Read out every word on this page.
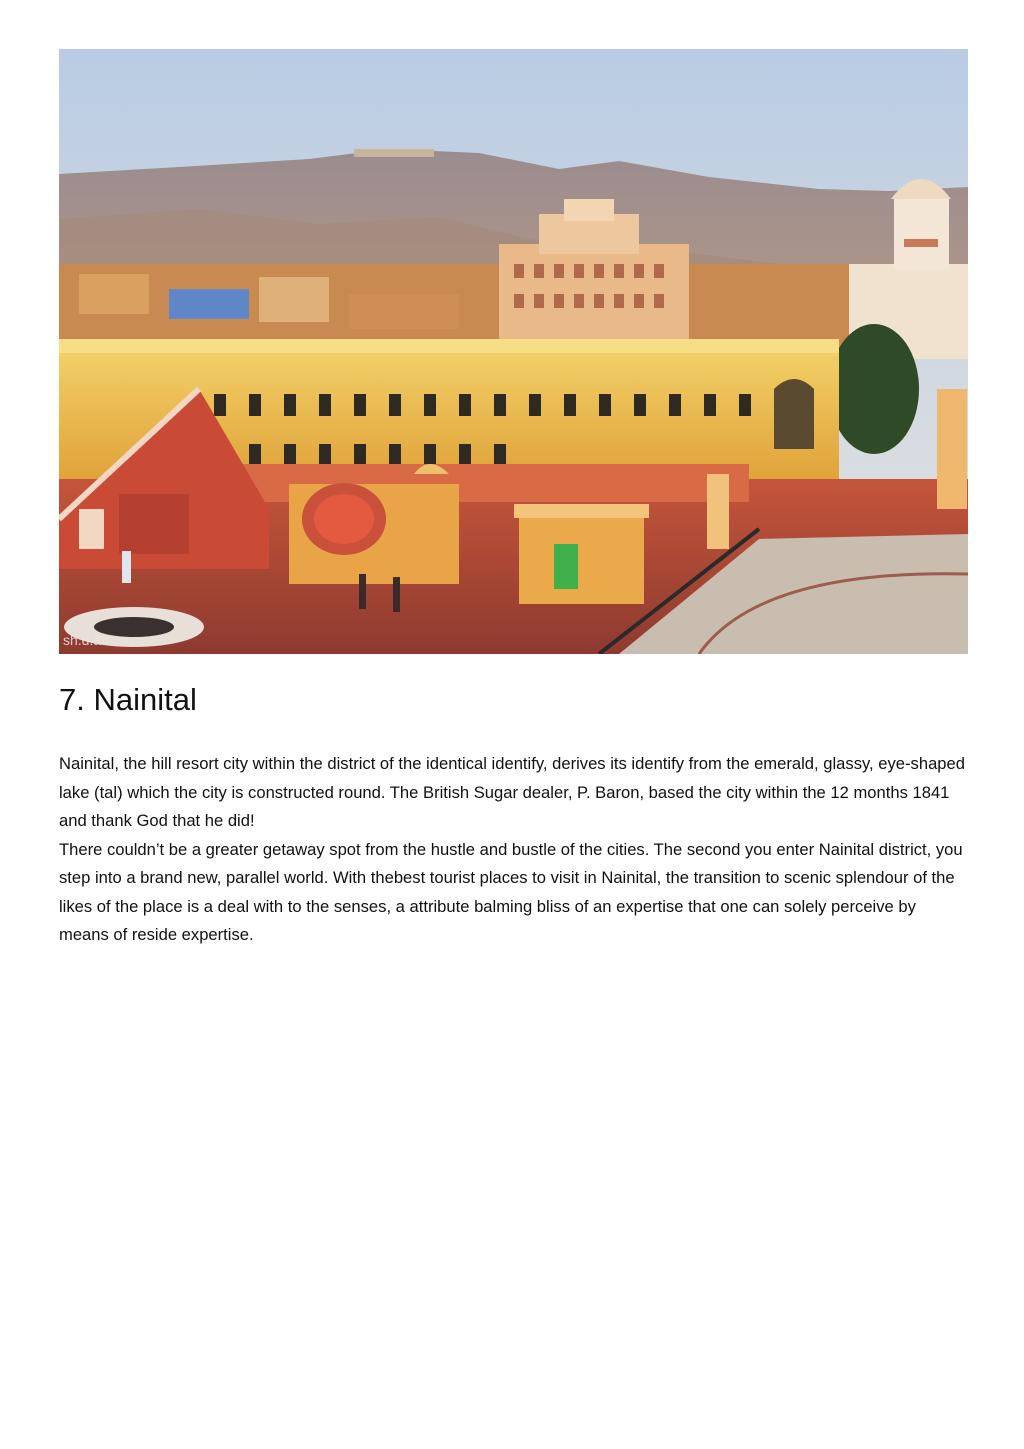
sh.d.au
7. Nainital

Nainital, the hill resort city within the district of the identical identify, derives its identify from the emerald, glassy, eye-shaped lake (tal) which the city is constructed round. The British Sugar dealer, P. Baron, based the city within the 12 months 1841 and thank God that he did!

There couldn’t be a greater getaway spot from the hustle and bustle of the cities. The second you enter Nainital district, you step into a brand new, parallel world. With thebest tourist places to visit in Nainital, the transition to scenic splendour of the likes of the place is a deal with to the senses, a attribute balming bliss of an expertise that one can solely perceive by means of reside expertise.
